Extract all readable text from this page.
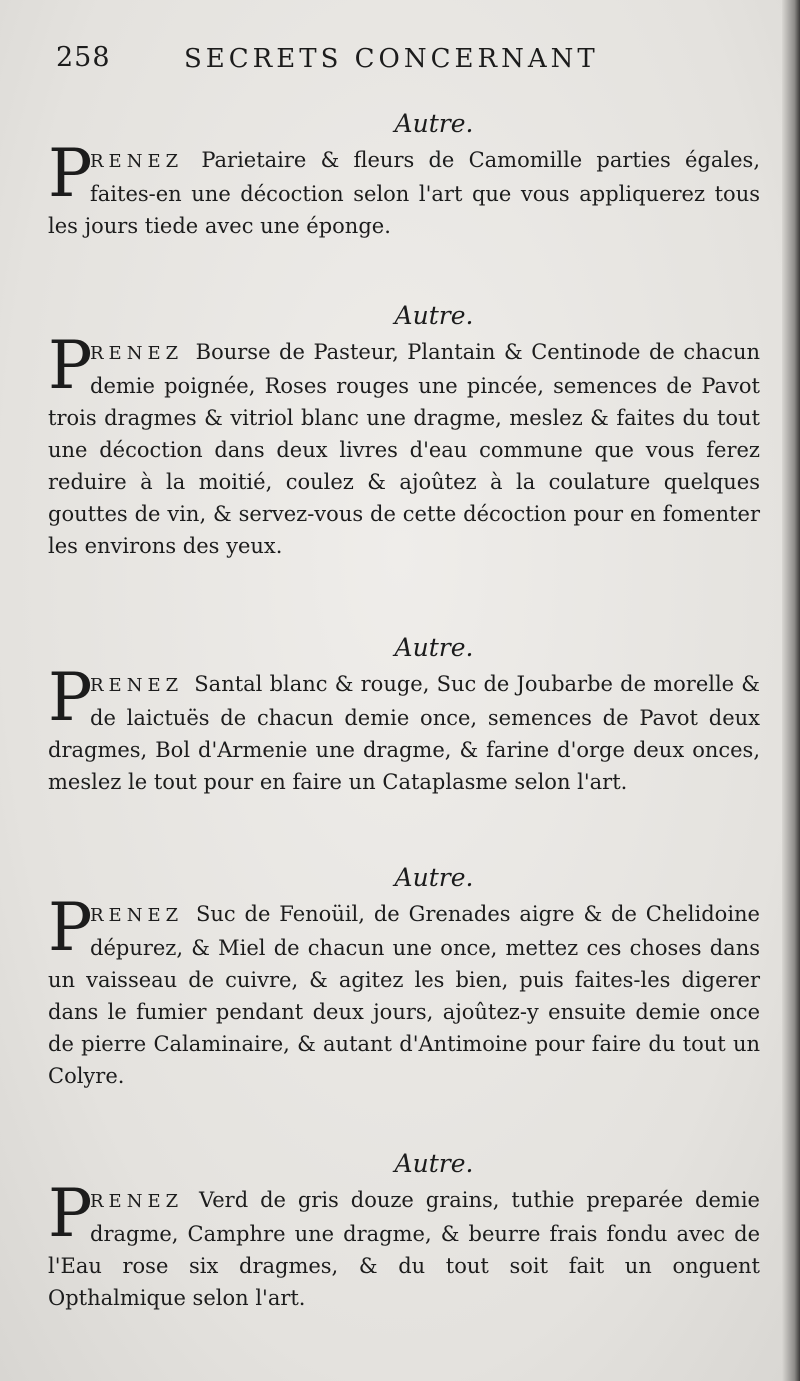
258	SECRETS CONCERNANT
Autre.

P
RENEZ Parietaire & fleurs de Camomille parties égales, faites-en une décoction selon l'art que vous appliquerez tous les jours tiede avec une éponge.

Autre.

P
RENEZ Bourse de Pasteur, Plantain & Centinode de chacun demie poignée, Roses rouges une pincée, semences de Pavot trois dragmes & vitriol blanc une dragme, meslez & faites du tout une décoction dans deux livres d'eau commune que vous ferez reduire à la moitié, coulez & ajoûtez à la coulature quelques gouttes de vin, & servez-vous de cette décoction pour en fomenter les environs des yeux.

Autre.

P
RENEZ Santal blanc & rouge, Suc de Joubarbe de morelle & de laictuës de chacun demie once, semences de Pavot deux dragmes, Bol d'Armenie une dragme, & farine d'orge deux onces, meslez le tout pour en faire un Cataplasme selon l'art.

Autre.

P
RENEZ Suc de Fenoüil, de Grenades aigre & de Chelidoine dépurez, & Miel de chacun une once, mettez ces choses dans un vaisseau de cuivre, & agitez les bien, puis faites-les digerer dans le fumier pendant deux jours, ajoûtez-y ensuite demie once de pierre Calaminaire, & autant d'Antimoine pour faire du tout un Colyre.

Autre.

P
RENEZ Verd de gris douze grains, tuthie preparée demie dragme, Camphre une dragme, & beurre frais fondu avec de l'Eau rose six dragmes, & du tout soit fait un onguent Opthalmique selon l'art.
